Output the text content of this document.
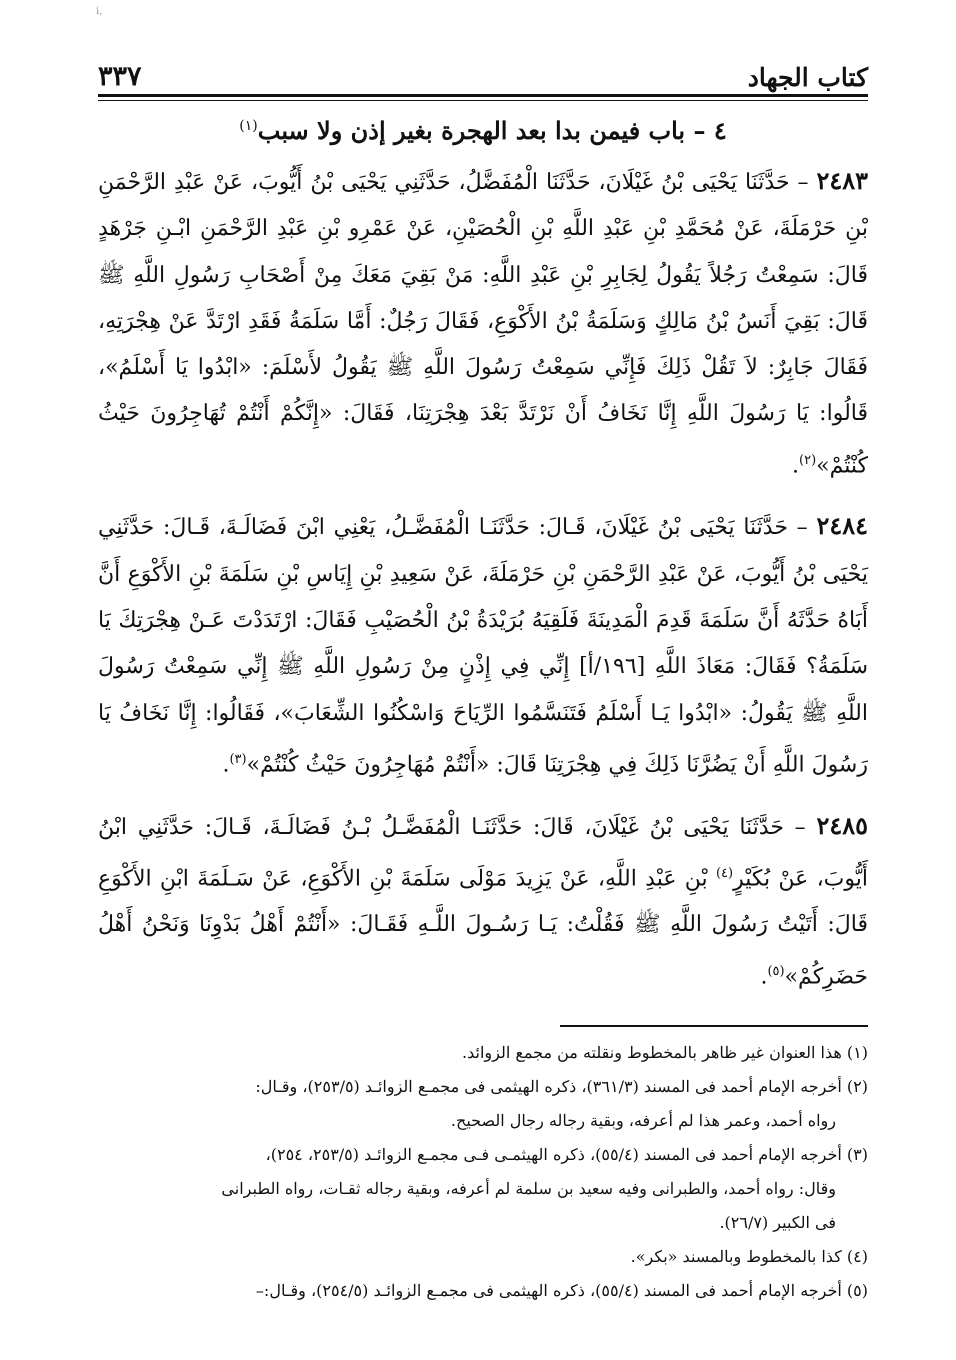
ⅰ‚
كتاب الجهاد
٣٣٧
٤ – باب فيمن بدا بعد الهجرة بغير إذن ولا سبب$^{(١)}$

٢٤٨٣ – حَدَّثَنَا يَحْيَى بْنُ غَيْلَانَ، حَدَّثَنَا الْمُفَضَّلُ، حَدَّثَنِي يَحْيَى بْنُ أَيُّوبَ، عَنْ عَبْدِ الرَّحْمَنِ بْنِ حَرْمَلَةَ، عَنْ مُحَمَّدِ بْنِ عَبْدِ اللَّهِ بْنِ الْحُصَيْنِ، عَنْ عَمْرِو بْنِ عَبْدِ الرَّحْمَنِ ابْـنِ جَرْهَدٍ قَالَ: سَمِعْتُ رَجُلاً يَقُولُ لِجَابِرِ بْنِ عَبْدِ اللَّهِ: مَنْ بَقِيَ مَعَكَ مِنْ أَصْحَابِ رَسُولِ اللَّهِ ﷺ قَالَ: بَقِيَ أَنَسُ بْنُ مَالِكٍ وَسَلَمَةُ بْنُ الأَكْوَعِ، فَقَالَ رَجُلٌ: أَمَّا سَلَمَةُ فَقَدِ ارْتَدَّ عَنْ هِجْرَتِهِ، فَقَالَ جَابِرٌ: لاَ تَقُلْ ذَلِكَ فَإِنِّي سَمِعْتُ رَسُولَ اللَّهِ ﷺ يَقُولُ لأَسْلَمَ: «ابْدُوا يَا أَسْلَمُ»، قَالُوا: يَا رَسُولَ اللَّهِ إِنَّا نَخَافُ أَنْ نَرْتَدَّ بَعْدَ هِجْرَتِنَا، فَقَالَ: «إِنَّكُمْ أَنْتُمْ تُهَاجِرُونَ حَيْثُ كُنْتُمْ»$^{(٢)}$.

٢٤٨٤ – حَدَّثَنَا يَحْيَى بْنُ غَيْلَانَ، قَـالَ: حَدَّثَنَـا الْمُفَضَّـلُ، يَعْنِي ابْنَ فَضَالَـةَ، قَـالَ: حَدَّثَنِي يَحْيَى بْنُ أَيُّوبَ، عَنْ عَبْدِ الرَّحْمَنِ بْنِ حَرْمَلَةَ، عَنْ سَعِيدِ بْنِ إِيَاسِ بْنِ سَلَمَةَ بْنِ الأَكْوَعِ أَنَّ أَبَاهُ حَدَّثَهُ أَنَّ سَلَمَةَ قَدِمَ الْمَدِينَةَ فَلَقِيَهُ بُرَيْدَةُ بْنُ الْحُصَيْبِ فَقَالَ: ارْتَدَدْتَ عَـنْ هِجْرَتِكَ يَا سَلَمَةُ؟ فَقَالَ: مَعَاذَ اللَّهِ [١٩٦/أ] إِنِّي فِي إِذْنٍ مِنْ رَسُولِ اللَّهِ ﷺ إِنِّي سَمِعْتُ رَسُولَ اللَّهِ ﷺ يَقُولُ: «ابْدُوا يَـا أَسْلَمُ فَتَنَسَّمُوا الرِّيَاحَ وَاسْكُنُوا الشِّعَابَ»، فَقَالُوا: إِنَّا نَخَافُ يَا رَسُولَ اللَّهِ أَنْ يَضُرَّنَا ذَلِكَ فِي هِجْرَتِنَا قَالَ: «أَنْتُمْ مُهَاجِرُونَ حَيْثُ كُنْتُمْ»$^{(٣)}$.

٢٤٨٥ – حَدَّثَنَا يَحْيَى بْنُ غَيْلَانَ، قَالَ: حَدَّثَنَـا الْمُفَضَّـلُ بْـنُ فَضَالَـةَ، قَـالَ: حَدَّثَنِي ابْنُ أَيُّوبَ، عَنْ بُكَيْرٍ$^{(٤)}$ بْنِ عَبْدِ اللَّهِ، عَنْ يَزِيدَ مَوْلَى سَلَمَةَ بْنِ الأَكْوَعِ، عَنْ سَـلَمَةَ ابْنِ الأَكْوَعِ قَالَ: أَتَيْتُ رَسُولَ اللَّهِ ﷺ فَقُلْتُ: يَـا رَسُـولَ اللَّـهِ فَقَـالَ: «أَنْتُمْ أَهْلُ بَدْوِنَا وَنَحْنُ أَهْلُ حَضَرِكُمْ»$^{(٥)}$.

(١) هذا العنوان غير ظاهر بالمخطوط ونقلته من مجمع الزوائد.
(٢) أخرجه الإمام أحمد فى المسند (٣٦١/٣)، ذكره الهيثمى فى مجمـع الزوائـد (٢٥٣/٥)، وقـال:
رواه أحمد، وعمر هذا لم أعرفه، وبقية رجاله رجال الصحيح.
(٣) أخرجه الإمام أحمد فى المسند (٥٥/٤)، ذكره الهيثمـى فـى مجمـع الزوائـد (٢٥٣/٥، ٢٥٤)،
وقال: رواه أحمد، والطبرانى وفيه سعيد بن سلمة لم أعرفه، وبقية رجاله ثقـات، رواه الطبرانى
فى الكبير (٢٦/٧).
(٤) كذا بالمخطوط وبالمسند «بكر».
(٥) أخرجه الإمام أحمد فى المسند (٥٥/٤)، ذكره الهيثمى فى مجمـع الزوائـد (٢٥٤/٥)، وقـال:–
